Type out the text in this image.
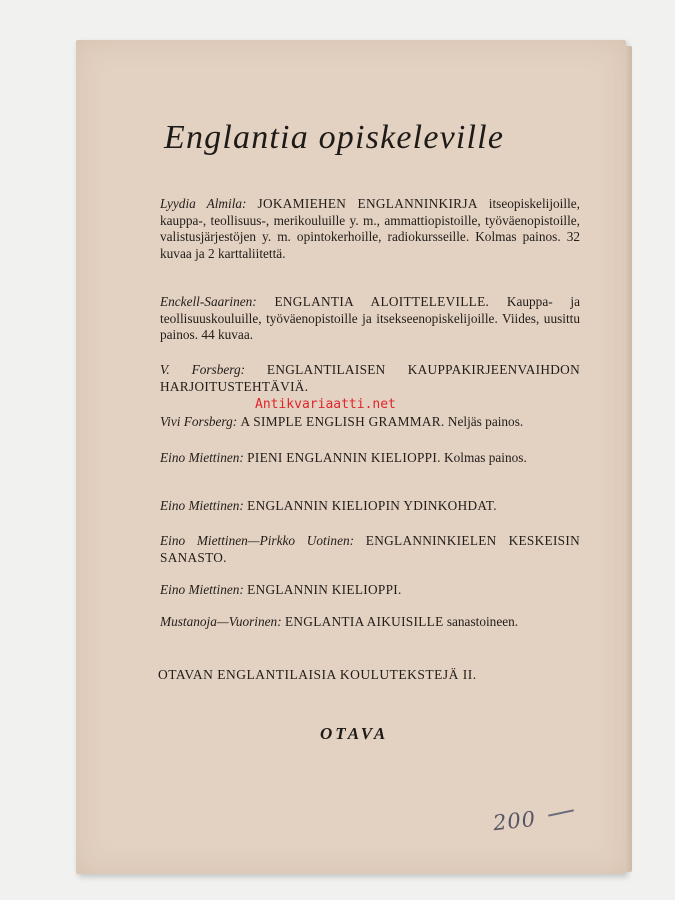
Englantia opiskeleville
Lyydia Almila: JOKAMIEHEN ENGLANNINKIRJA itseopiskelijoille, kauppa-, teollisuus-, merikouluille y. m., ammattiopistoille, työväenopistoille, valistusjärjestöjen y. m. opintokerhoille, radiokursseille. Kolmas painos. 32 kuvaa ja 2 karttaliitettä.
Enckell-Saarinen: ENGLANTIA ALOITTELEVILLE. Kauppa- ja teollisuuskouluille, työväenopistoille ja itsekseenopiskelijoille. Viides, uusittu painos. 44 kuvaa.
V. Forsberg: ENGLANTILAISEN KAUPPAKIRJEENVAIHDON HARJOITUSTEHTÄVIÄ.
Vivi Forsberg: A SIMPLE ENGLISH GRAMMAR. Neljäs painos.
Eino Miettinen: PIENI ENGLANNIN KIELIOPPI. Kolmas painos.
Eino Miettinen: ENGLANNIN KIELIOPIN YDINKOHDAT.
Eino Miettinen—Pirkko Uotinen: ENGLANNINKIELEN KESKEISIN SANASTO.
Eino Miettinen: ENGLANNIN KIELIOPPI.
Mustanoja—Vuorinen: ENGLANTIA AIKUISILLE sanastoineen.
OTAVAN ENGLANTILAISIA KOULUTEKSTEJÄ II.
OTAVA
Antikvariaatti.net
200
